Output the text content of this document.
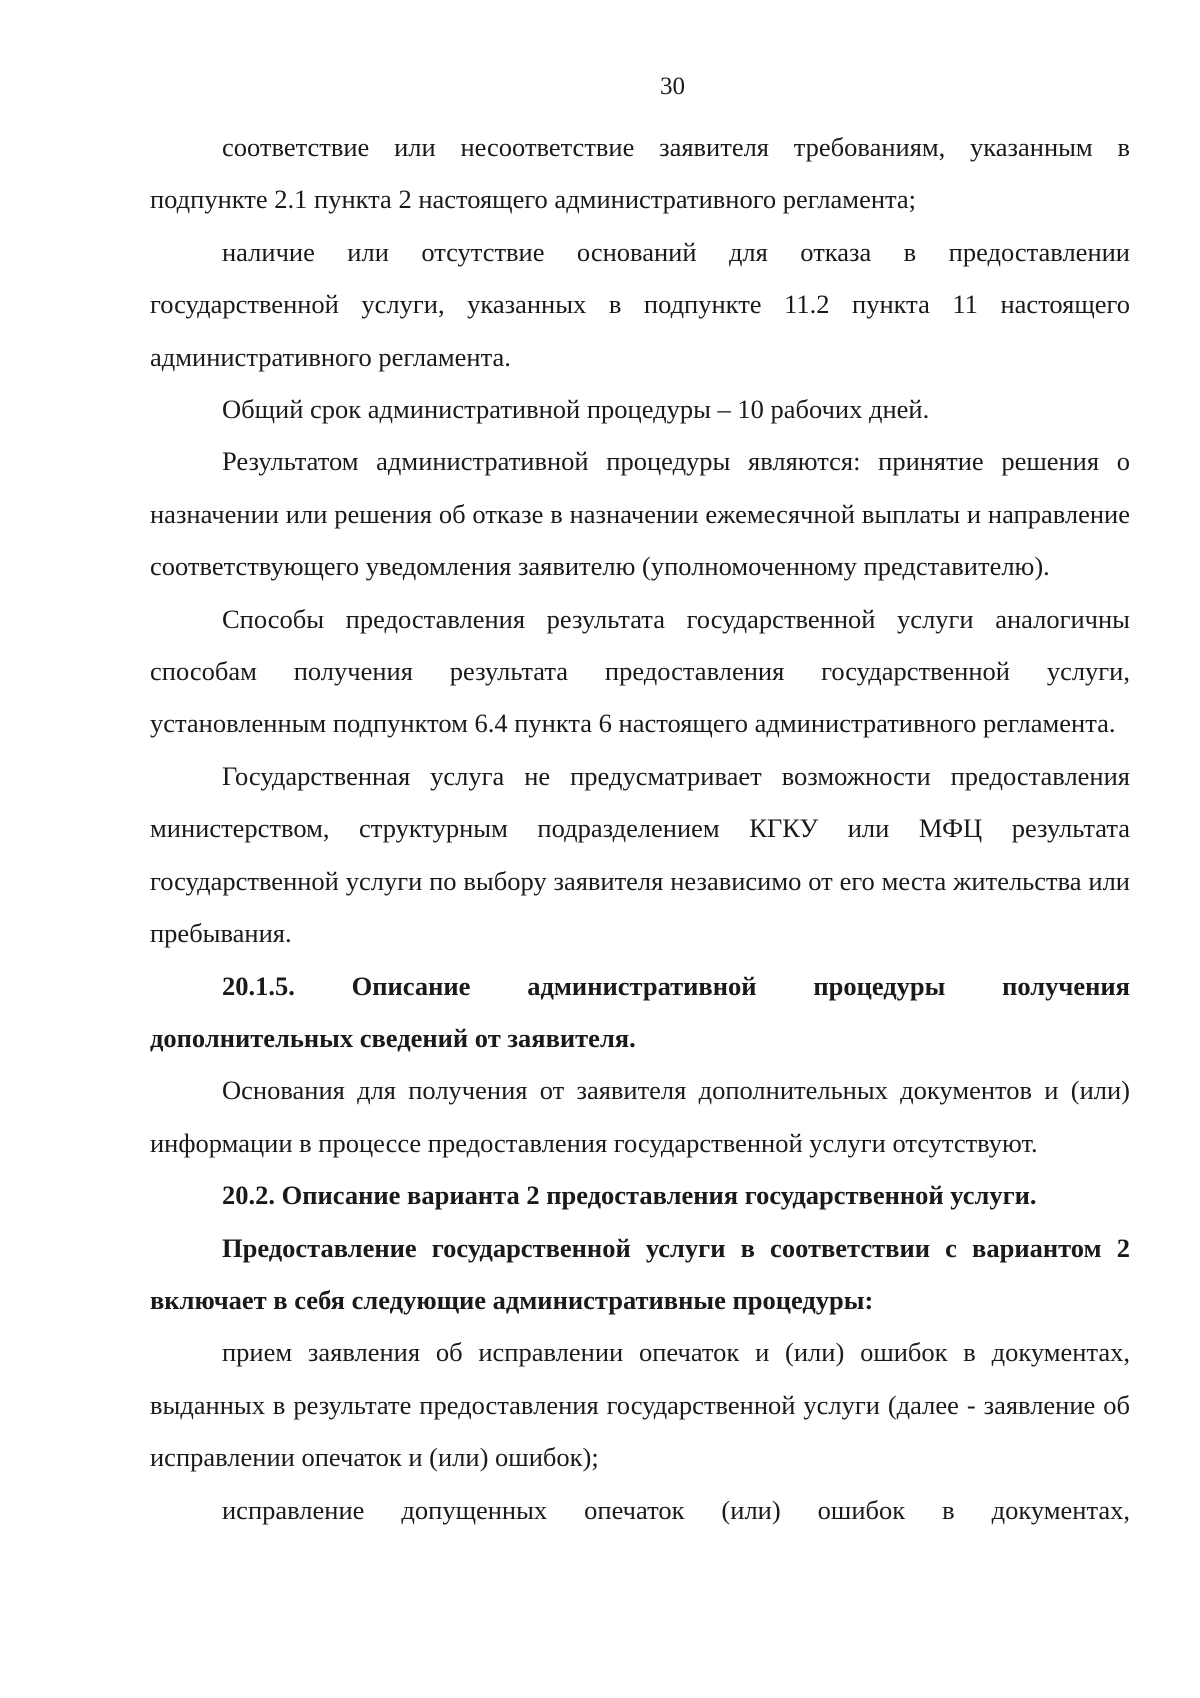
30

соответствие или несоответствие заявителя требованиям, указанным в подпункте 2.1 пункта 2 настоящего административного регламента;

наличие или отсутствие оснований для отказа в предоставлении государственной услуги, указанных в подпункте 11.2 пункта 11 настоящего административного регламента.

Общий срок административной процедуры – 10 рабочих дней.

Результатом административной процедуры являются: принятие решения о назначении или решения об отказе в назначении ежемесячной выплаты и направление соответствующего уведомления заявителю (уполномоченному представителю).

Способы предоставления результата государственной услуги аналогичны способам получения результата предоставления государственной услуги, установленным подпунктом 6.4 пункта 6 настоящего административного регламента.

Государственная услуга не предусматривает возможности предоставления министерством, структурным подразделением КГКУ или МФЦ результата государственной услуги по выбору заявителя независимо от его места жительства или пребывания.

20.1.5. Описание административной процедуры получения дополнительных сведений от заявителя.

Основания для получения от заявителя дополнительных документов и (или) информации в процессе предоставления государственной услуги отсутствуют.

20.2. Описание варианта 2 предоставления государственной услуги.

Предоставление государственной услуги в соответствии с вариантом 2 включает в себя следующие административные процедуры:

прием заявления об исправлении опечаток и (или) ошибок в документах, выданных в результате предоставления государственной услуги (далее - заявление об исправлении опечаток и (или) ошибок);

исправление допущенных опечаток (или) ошибок в документах,
